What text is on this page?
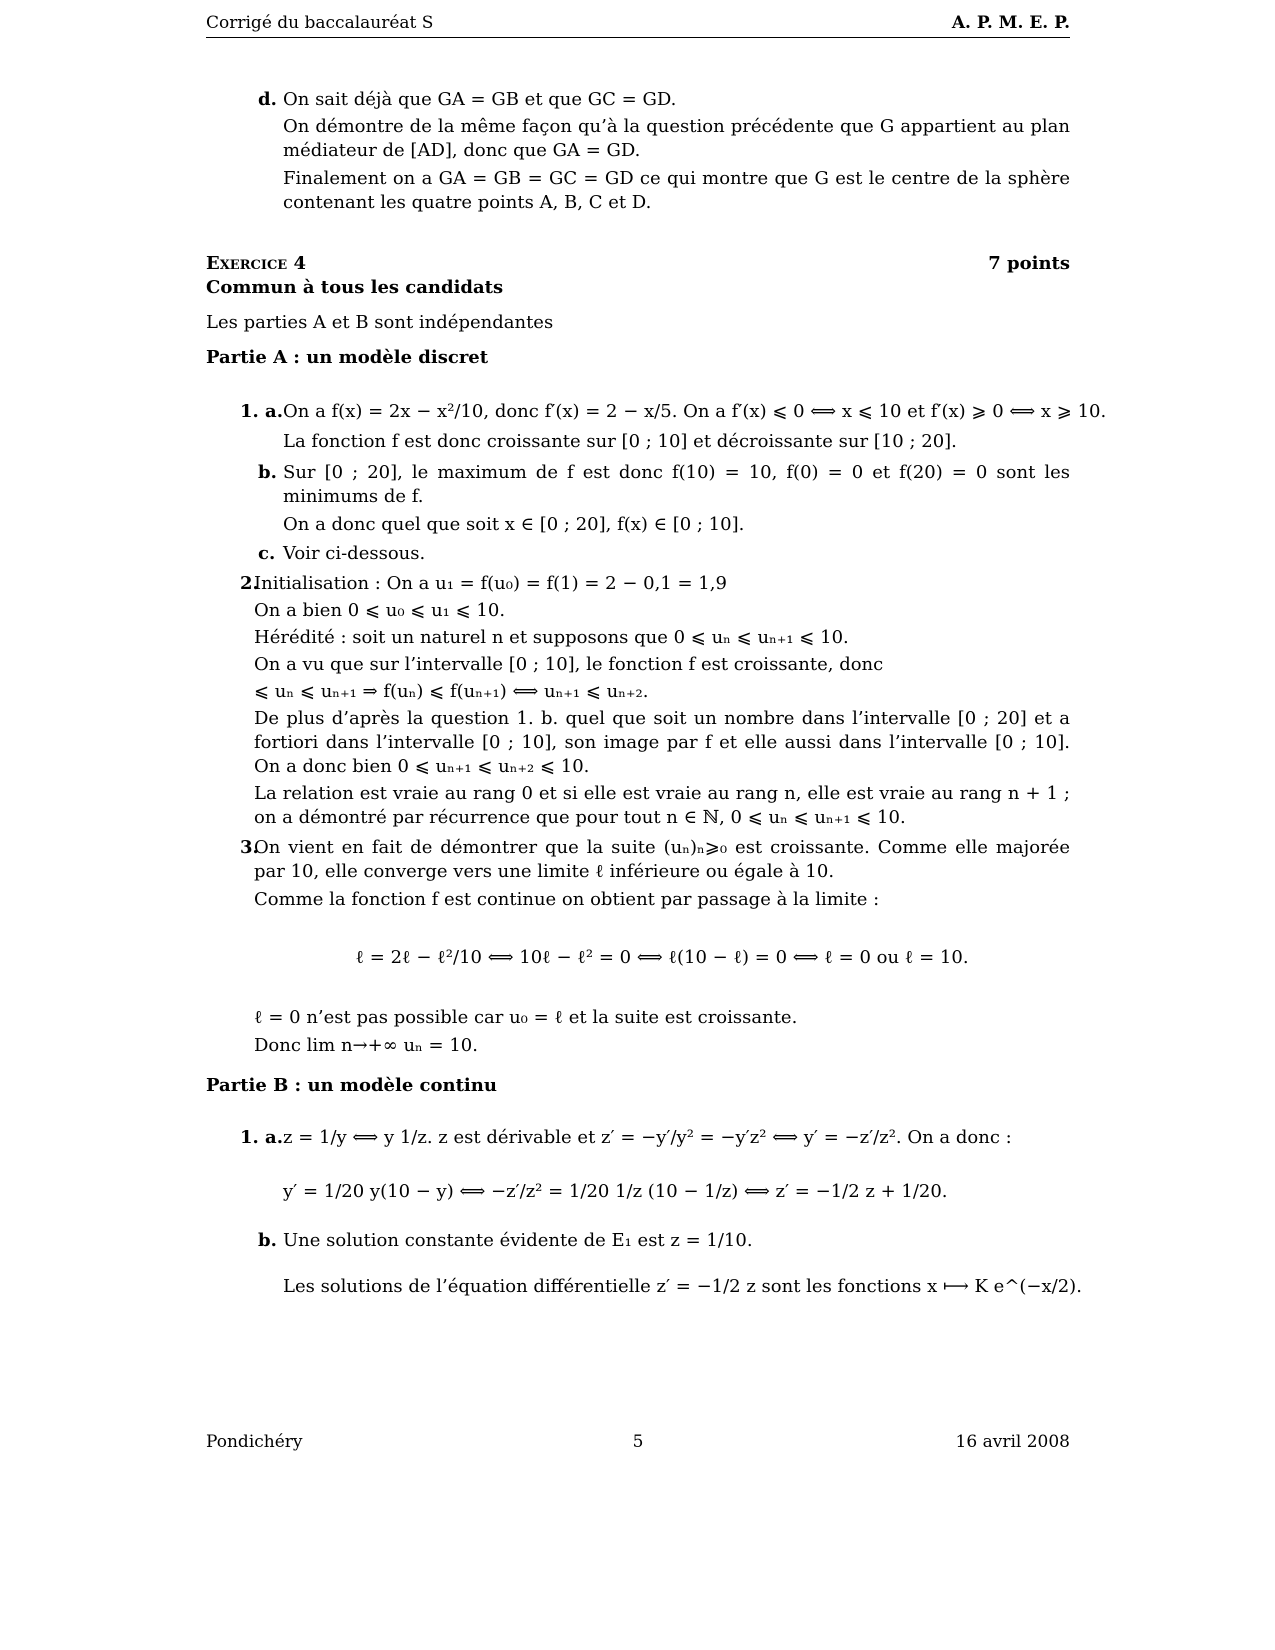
Corrigé du baccalauréat S	A. P. M. E. P.
d. On sait déjà que GA = GB et que GC = GD.

On démontre de la même façon qu’à la question précédente que G appartient au plan médiateur de [AD], donc que GA = GD.

Finalement on a GA = GB = GC = GD ce qui montre que G est le centre de la sphère contenant les quatre points A, B, C et D.

Exercice 4	7 points
Commun à tous les candidats
Les parties A et B sont indépendantes
Partie A : un modèle discret
1. a. On a f(x) = 2x − x²/10, donc f′(x) = 2 − x/5. On a f′(x) ⩽ 0 ⟺ x ⩽ 10 et f′(x) ⩾ 0 ⟺ x ⩾ 10.

La fonction f est donc croissante sur [0 ; 10] et décroissante sur [10 ; 20].

b. Sur [0 ; 20], le maximum de f est donc f(10) = 10, f(0) = 0 et f(20) = 0 sont les minimums de f.

On a donc quel que soit x ∈ [0 ; 20], f(x) ∈ [0 ; 10].

c. Voir ci-dessous.
2.

Initialisation : On a u₁ = f(u₀) = f(1) = 2 − 0,1 = 1,9

On a bien 0 ⩽ u₀ ⩽ u₁ ⩽ 10.

Hérédité : soit un naturel n et supposons que 0 ⩽ uₙ ⩽ uₙ₊₁ ⩽ 10.

On a vu que sur l’intervalle [0 ; 10], le fonction f est croissante, donc

⩽ uₙ ⩽ uₙ₊₁ ⇒ f(uₙ) ⩽ f(uₙ₊₁) ⟺ uₙ₊₁ ⩽ uₙ₊₂.

De plus d’après la question 1. b. quel que soit un nombre dans l’intervalle [0 ; 20] et a fortiori dans l’intervalle [0 ; 10], son image par f et elle aussi dans l’intervalle [0 ; 10]. On a donc bien 0 ⩽ uₙ₊₁ ⩽ uₙ₊₂ ⩽ 10.

La relation est vraie au rang 0 et si elle est vraie au rang n, elle est vraie au rang n + 1 ; on a démontré par récurrence que pour tout n ∈ ℕ, 0 ⩽ uₙ ⩽ uₙ₊₁ ⩽ 10.

3.

On vient en fait de démontrer que la suite (uₙ)ₙ⩾₀ est croissante. Comme elle majorée par 10, elle converge vers une limite ℓ inférieure ou égale à 10.

Comme la fonction f est continue on obtient par passage à la limite :

ℓ = 2ℓ − ℓ²/10 ⟺ 10ℓ − ℓ² = 0 ⟺ ℓ(10 − ℓ) = 0 ⟺ ℓ = 0 ou ℓ = 10.

ℓ = 0 n’est pas possible car u₀ = ℓ et la suite est croissante.

Donc lim n→+∞ uₙ = 10.

Partie B : un modèle continu
1. a. z = 1/y ⟺ y 1/z. z est dérivable et z′ = −y′/y² = −y′z² ⟺ y′ = −z′/z². On a donc :

y′ = 1/20 y(10 − y) ⟺ −z′/z² = 1/20 1/z (10 − 1/z) ⟺ z′ = −1/2 z + 1/20.

b. Une solution constante évidente de E₁ est z = 1/10.

Les solutions de l’équation différentielle z′ = −1/2 z sont les fonctions x ⟼ K e^(−x/2).

Pondichéry	5	16 avril 2008
